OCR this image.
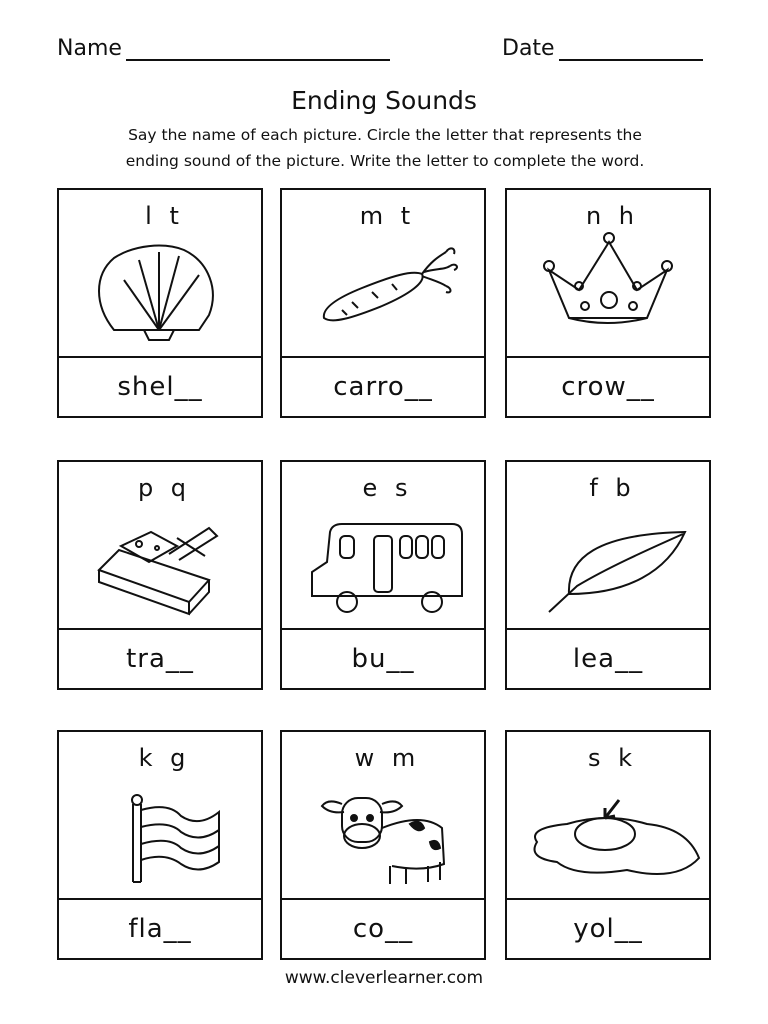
Name	Date
Ending Sounds
Say the name of each picture. Circle the letter that represents the
ending sound of the picture. Write the letter to complete the word.
l t
shel__
m t
carro__
n h
crow__
p q
tra__
e s
bu__
f b
lea__
k g
fla__
w m
co__
s k
yol__
www.cleverlearner.com
